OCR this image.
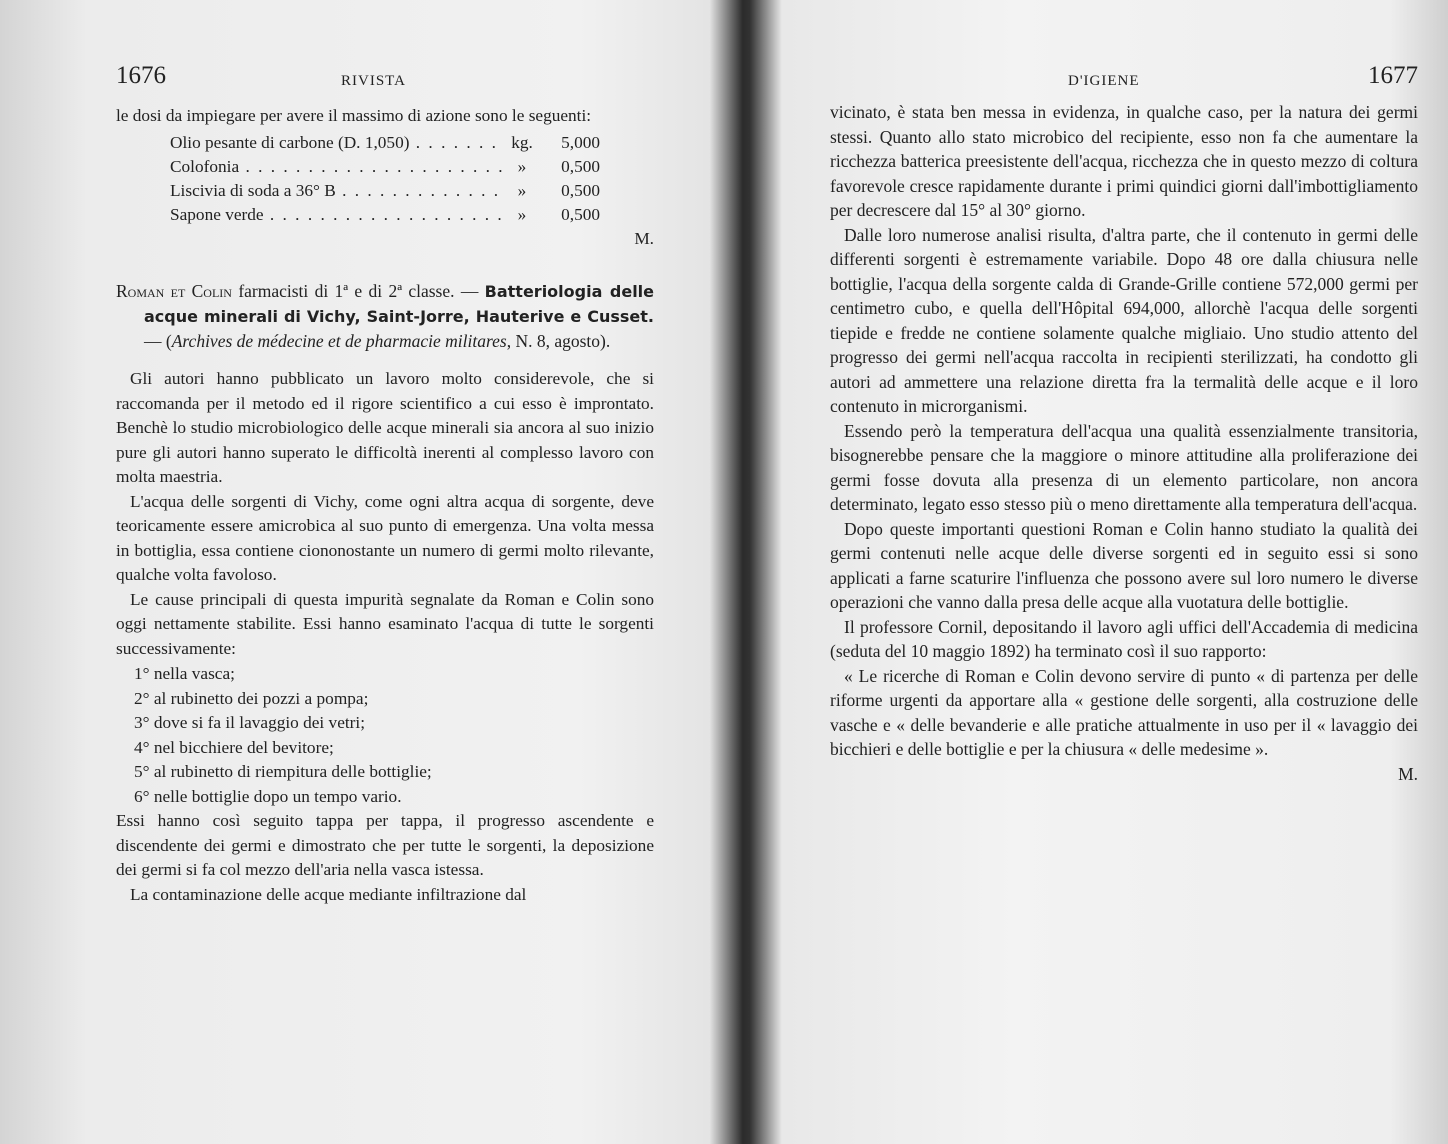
1676	RIVISTA

le dosi da impiegare per avere il massimo di azione sono le seguenti:

Olio pesante di carbone (D. 1,050) . . .	kg.	5,000
Colofonia . . .	»	0,500
Liscivia di soda a 36° B . . .	»	0,500
Sapone verde . . .	»	0,500

M.

Roman et Colin farmacisti di 1ª e di 2ª classe. — Batteriologia delle acque minerali di Vichy, Saint-Jorre, Hauterive e Cusset. — (Archives de médecine et de pharmacie militares, N. 8, agosto).

Gli autori hanno pubblicato un lavoro molto considerevole, che si raccomanda per il metodo ed il rigore scientifico a cui esso è improntato. Benchè lo studio microbiologico delle acque minerali sia ancora al suo inizio pure gli autori hanno superato le difficoltà inerenti al complesso lavoro con molta maestria.

L'acqua delle sorgenti di Vichy, come ogni altra acqua di sorgente, deve teoricamente essere amicrobica al suo punto di emergenza. Una volta messa in bottiglia, essa contiene ciononostante un numero di germi molto rilevante, qualche volta favoloso.

Le cause principali di questa impurità segnalate da Roman e Colin sono oggi nettamente stabilite. Essi hanno esaminato l'acqua di tutte le sorgenti successivamente:

1° nella vasca;
2° al rubinetto dei pozzi a pompa;
3° dove si fa il lavaggio dei vetri;
4° nel bicchiere del bevitore;
5° al rubinetto di riempitura delle bottiglie;
6° nelle bottiglie dopo un tempo vario.

Essi hanno così seguito tappa per tappa, il progresso ascendente e discendente dei germi e dimostrato che per tutte le sorgenti, la deposizione dei germi si fa col mezzo dell'aria nella vasca istessa.

La contaminazione delle acque mediante infiltrazione dal

D'IGIENE	1677

vicinato, è stata ben messa in evidenza, in qualche caso, per la natura dei germi stessi. Quanto allo stato microbico del recipiente, esso non fa che aumentare la ricchezza batterica preesistente dell'acqua, ricchezza che in questo mezzo di coltura favorevole cresce rapidamente durante i primi quindici giorni dall'imbottigliamento per decrescere dal 15° al 30° giorno.

Dalle loro numerose analisi risulta, d'altra parte, che il contenuto in germi delle differenti sorgenti è estremamente variabile. Dopo 48 ore dalla chiusura nelle bottiglie, l'acqua della sorgente calda di Grande-Grille contiene 572,000 germi per centimetro cubo, e quella dell'Hôpital 694,000, allorchè l'acqua delle sorgenti tiepide e fredde ne contiene solamente qualche migliaio. Uno studio attento del progresso dei germi nell'acqua raccolta in recipienti sterilizzati, ha condotto gli autori ad ammettere una relazione diretta fra la termalità delle acque e il loro contenuto in microrganismi.

Essendo però la temperatura dell'acqua una qualità essenzialmente transitoria, bisognerebbe pensare che la maggiore o minore attitudine alla proliferazione dei germi fosse dovuta alla presenza di un elemento particolare, non ancora determinato, legato esso stesso più o meno direttamente alla temperatura dell'acqua.

Dopo queste importanti questioni Roman e Colin hanno studiato la qualità dei germi contenuti nelle acque delle diverse sorgenti ed in seguito essi si sono applicati a farne scaturire l'influenza che possono avere sul loro numero le diverse operazioni che vanno dalla presa delle acque alla vuotatura delle bottiglie.

Il professore Cornil, depositando il lavoro agli uffici dell'Accademia di medicina (seduta del 10 maggio 1892) ha terminato così il suo rapporto:

« Le ricerche di Roman e Colin devono servire di punto « di partenza per delle riforme urgenti da apportare alla « gestione delle sorgenti, alla costruzione delle vasche e « delle bevanderie e alle pratiche attualmente in uso per il « lavaggio dei bicchieri e delle bottiglie e per la chiusura « delle medesime ».

M.
